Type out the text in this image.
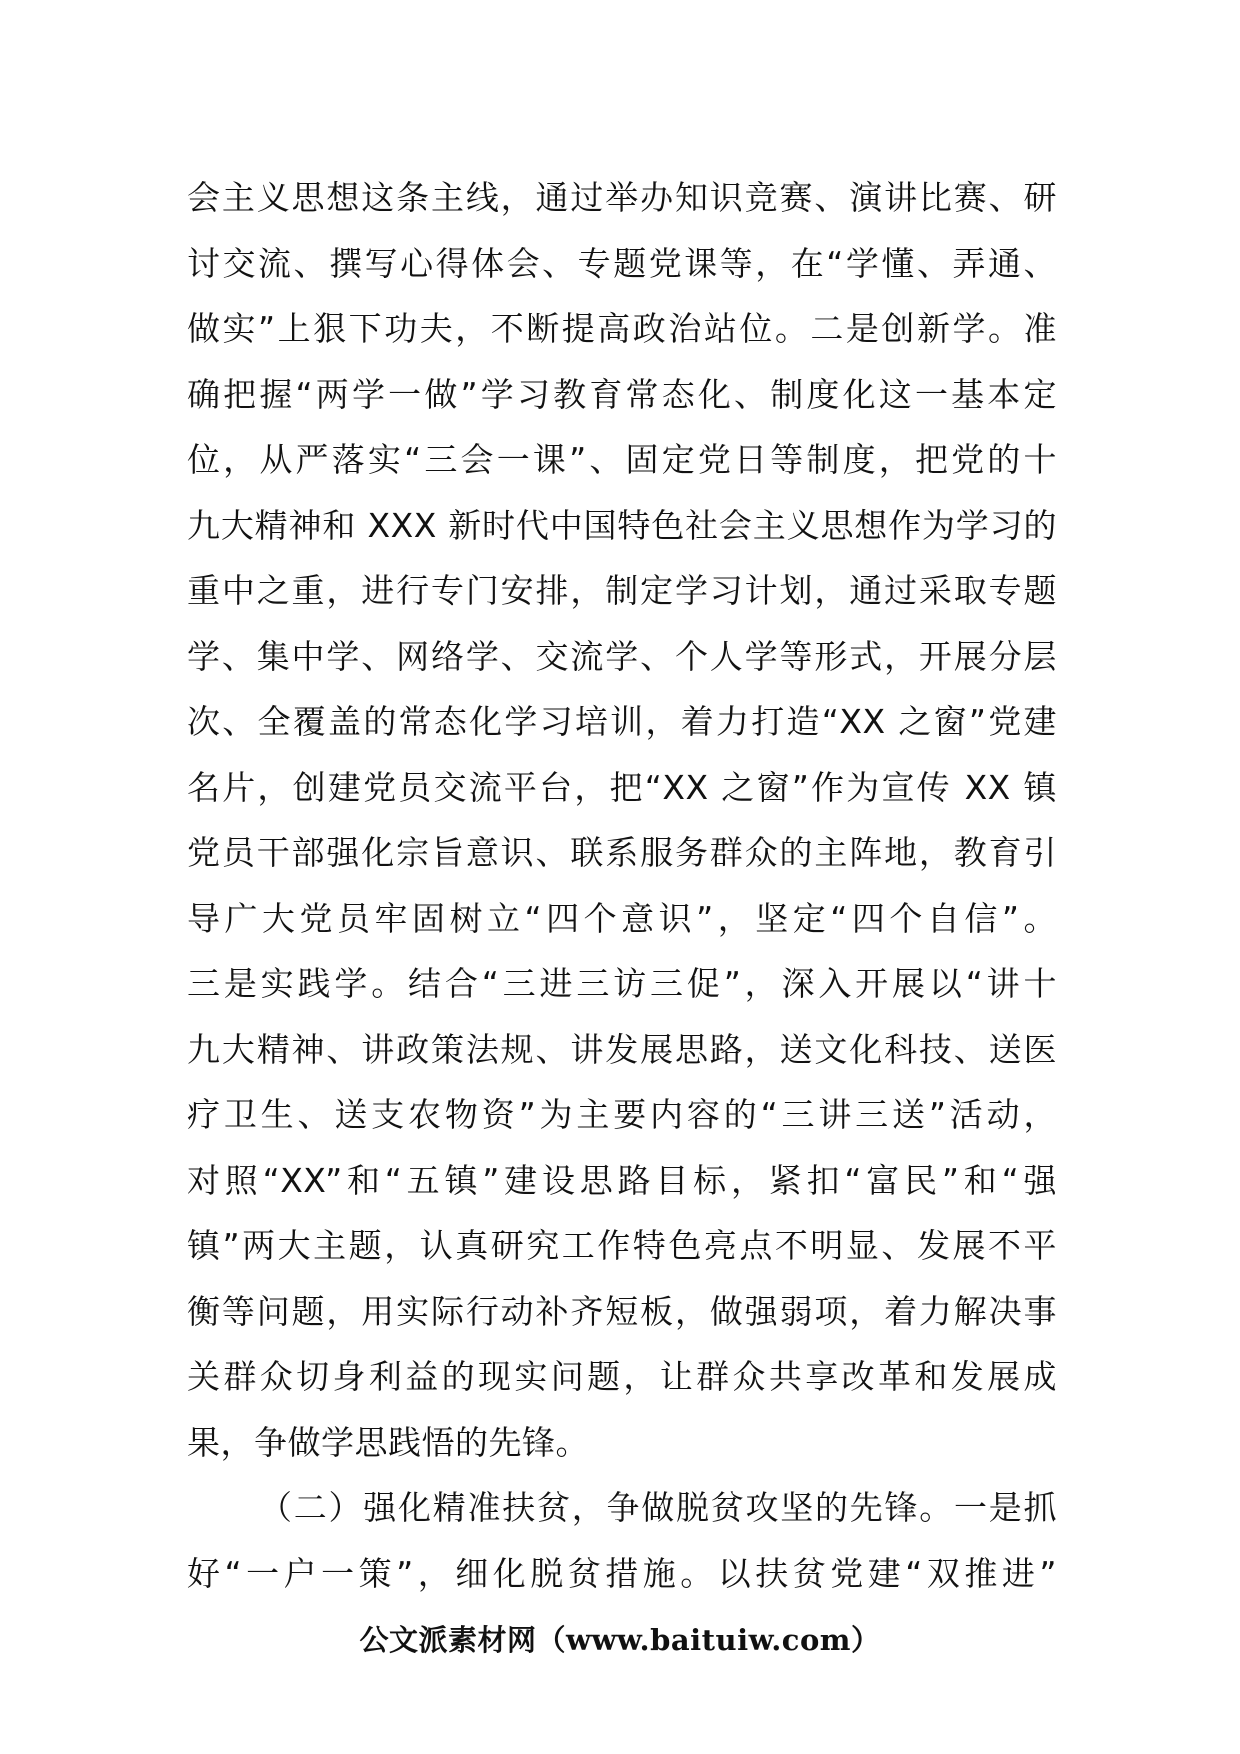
会主义思想这条主线，通过举办知识竞赛、演讲比赛、研
讨交流、撰写心得体会、专题党课等，在“学懂、弄通、
做实”上狠下功夫，不断提高政治站位。二是创新学。准
确把握“两学一做”学习教育常态化、制度化这一基本定
位，从严落实“三会一课”、固定党日等制度，把党的十
九大精神和 XXX 新时代中国特色社会主义思想作为学习的
重中之重，进行专门安排，制定学习计划，通过采取专题
学、集中学、网络学、交流学、个人学等形式，开展分层
次、全覆盖的常态化学习培训，着力打造“XX 之窗”党建
名片，创建党员交流平台，把“XX 之窗”作为宣传 XX 镇
党员干部强化宗旨意识、联系服务群众的主阵地，教育引
导广大党员牢固树立“四个意识”，坚定“四个自信”。
三是实践学。结合“三进三访三促”，深入开展以“讲十
九大精神、讲政策法规、讲发展思路，送文化科技、送医
疗卫生、送支农物资”为主要内容的“三讲三送”活动，
对照“XX”和“五镇”建设思路目标，紧扣“富民”和“强
镇”两大主题，认真研究工作特色亮点不明显、发展不平
衡等问题，用实际行动补齐短板，做强弱项，着力解决事
关群众切身利益的现实问题，让群众共享改革和发展成
果，争做学思践悟的先锋。
（二）强化精准扶贫，争做脱贫攻坚的先锋。一是抓
好“一户一策”，细化脱贫措施。以扶贫党建“双推进”
公文派素材网（www.baituiw.com）
